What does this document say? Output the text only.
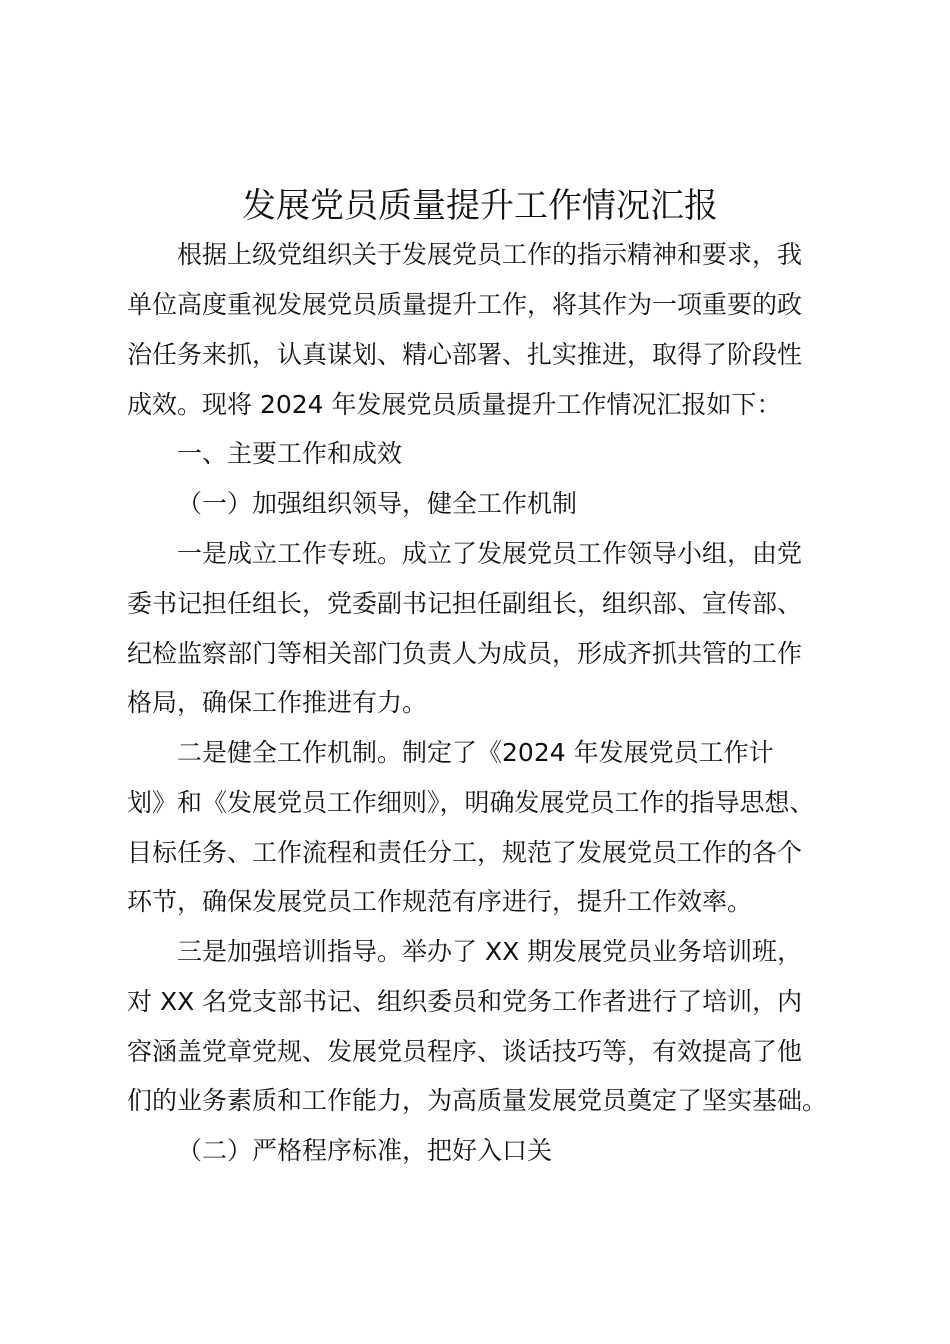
发展党员质量提升工作情况汇报
根据上级党组织关于发展党员工作的指示精神和要求，我
单位高度重视发展党员质量提升工作，将其作为一项重要的政
治任务来抓，认真谋划、精心部署、扎实推进，取得了阶段性
成效。现将 2024 年发展党员质量提升工作情况汇报如下：
一、主要工作和成效
（一）加强组织领导，健全工作机制
一是成立工作专班。成立了发展党员工作领导小组，由党
委书记担任组长，党委副书记担任副组长，组织部、宣传部、
纪检监察部门等相关部门负责人为成员，形成齐抓共管的工作
格局，确保工作推进有力。
二是健全工作机制。制定了《2024 年发展党员工作计
划》和《发展党员工作细则》，明确发展党员工作的指导思想、
目标任务、工作流程和责任分工，规范了发展党员工作的各个
环节，确保发展党员工作规范有序进行，提升工作效率。
三是加强培训指导。举办了 XX 期发展党员业务培训班，
对 XX 名党支部书记、组织委员和党务工作者进行了培训，内
容涵盖党章党规、发展党员程序、谈话技巧等，有效提高了他
们的业务素质和工作能力，为高质量发展党员奠定了坚实基础。
（二）严格程序标准，把好入口关
